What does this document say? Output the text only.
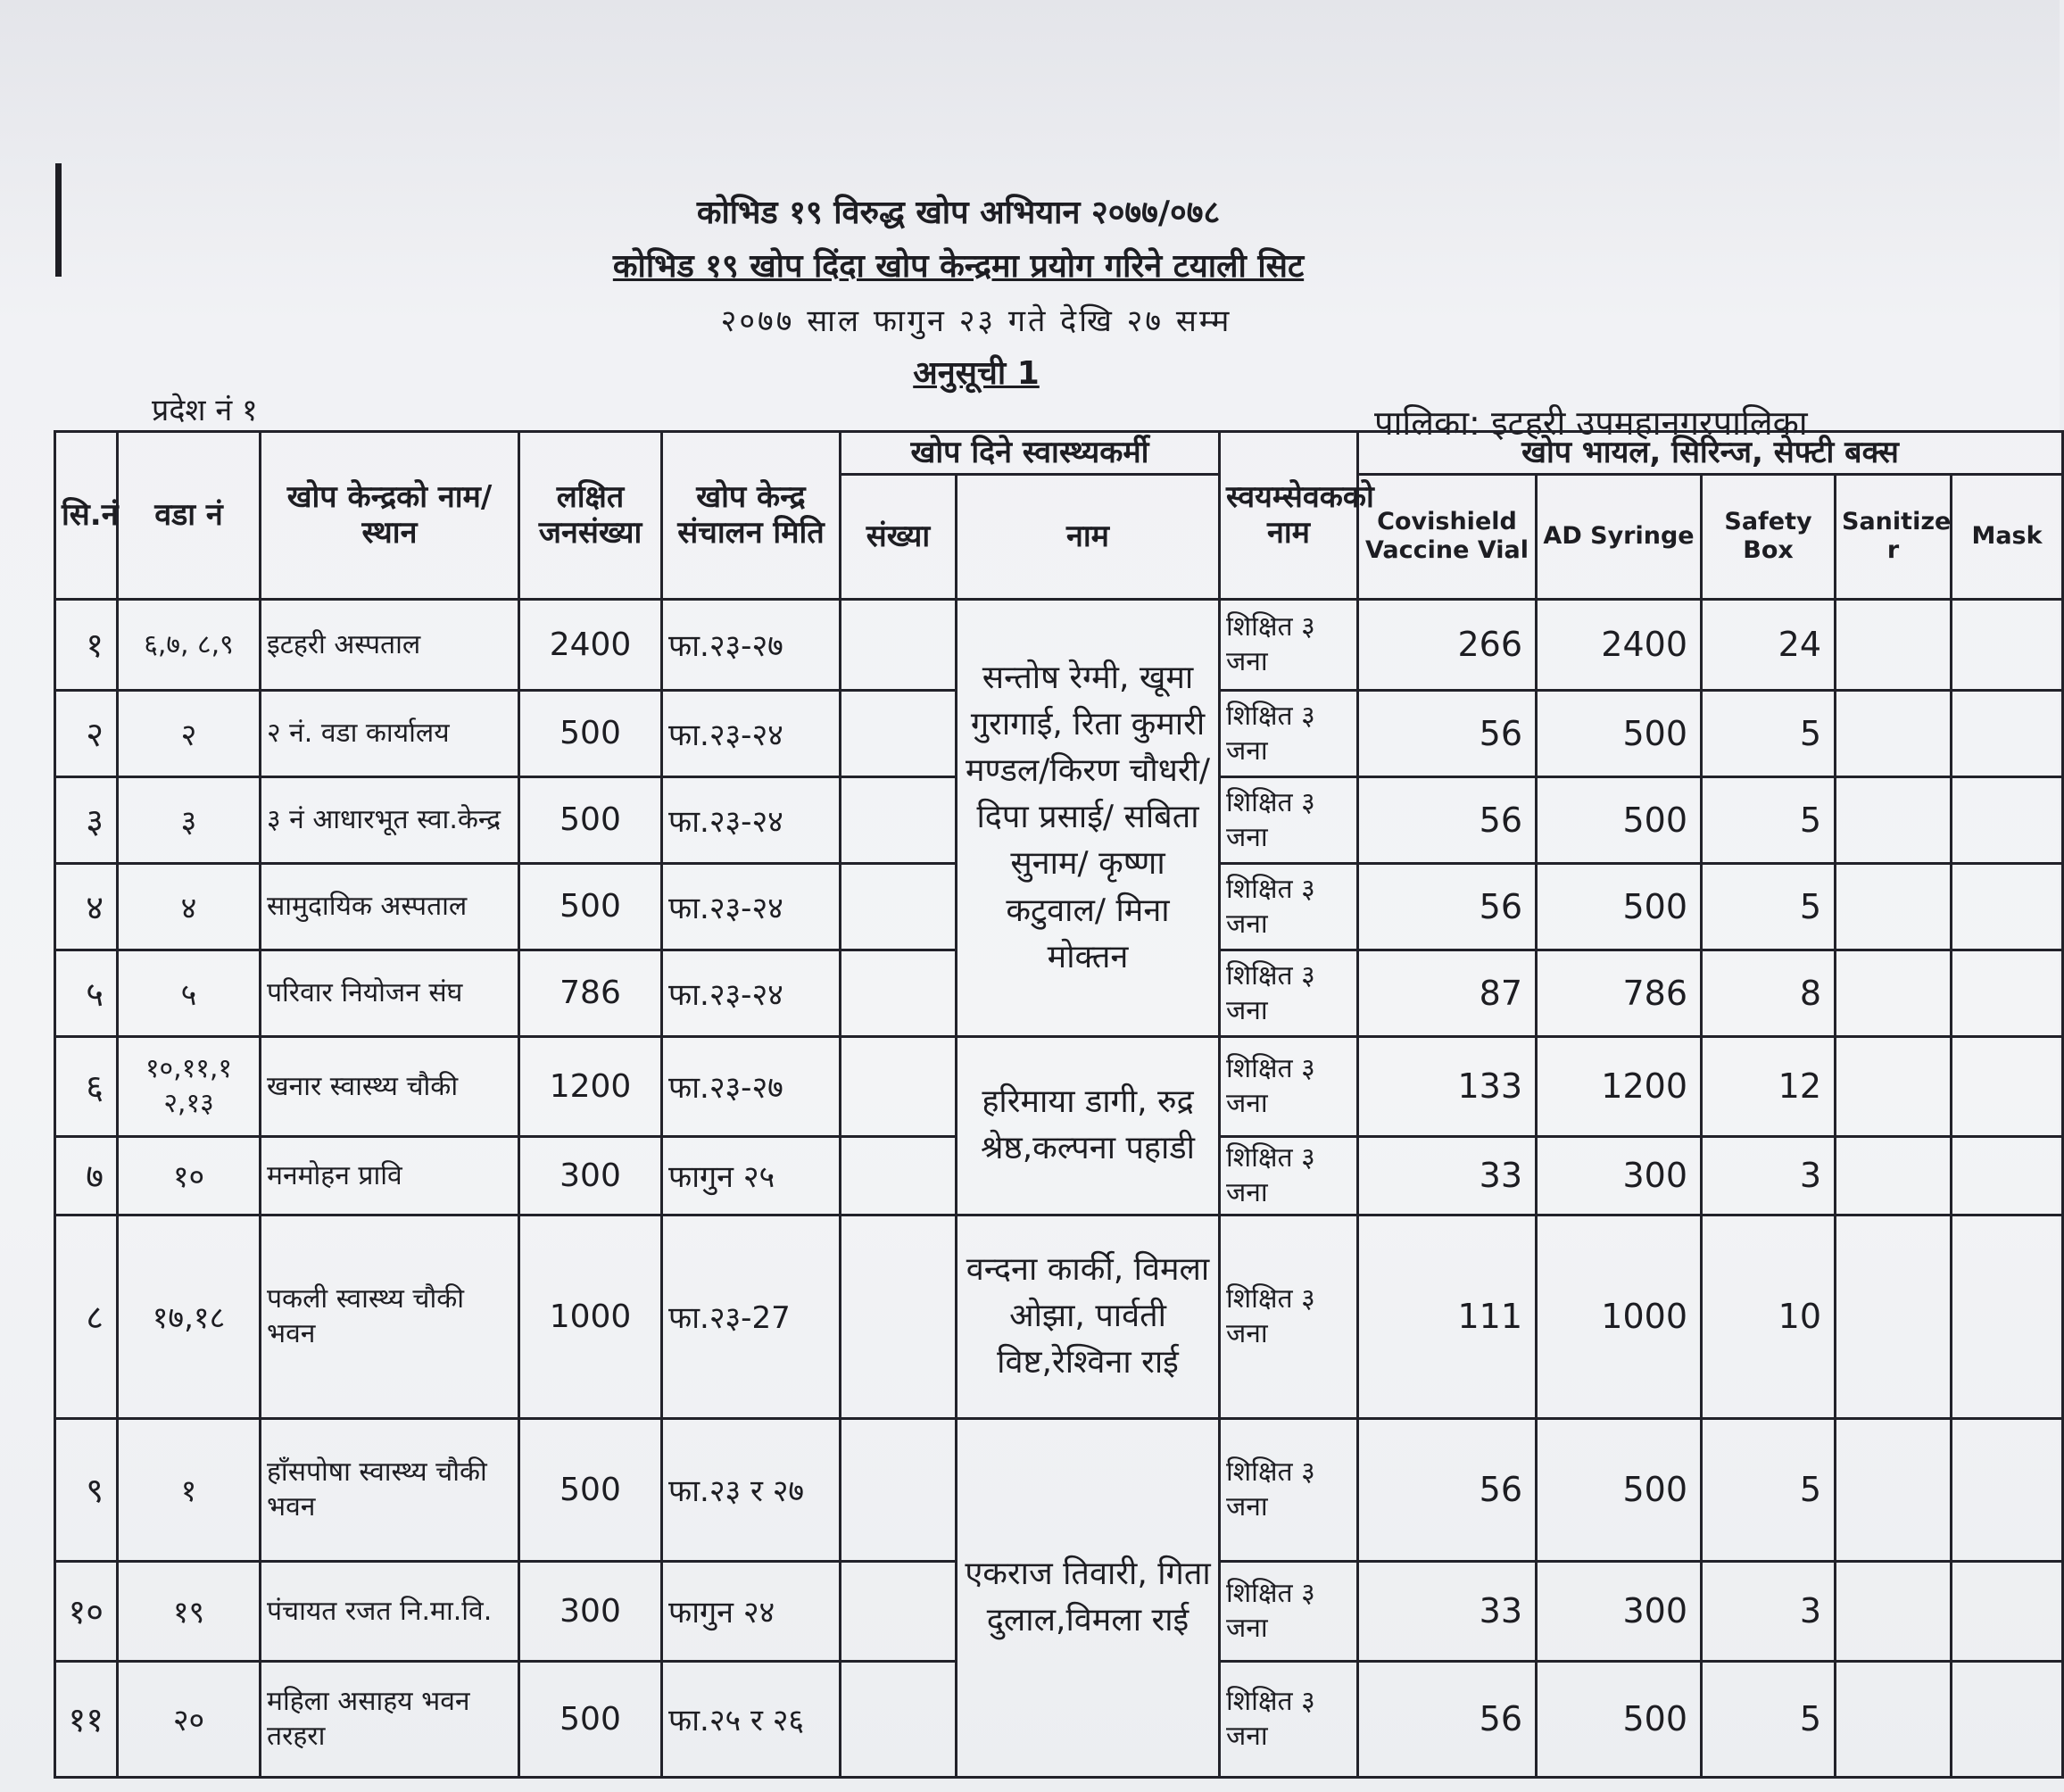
कोभिड १९ विरुद्ध खोप अभियान २०७७/०७८
कोभिड १९ खोप दिंदा खोप केन्द्रमा प्रयोग गरिने टयाली सिट
२०७७ साल फागुन २३ गते देखि २७ सम्म
अनुसूची 1
प्रदेश नं १	पालिका: इटहरी उपमहानगरपालिका
सि.नं	वडा नं	खोप केन्द्रको नाम/स्थान	लक्षित जनसंख्या	खोप केन्द्र संचालन मिति	खोप दिने स्वास्थ्यकर्मी		स्वयम्सेवकको नाम	खोप भायल, सिरिन्ज, सेफ्टी बक्स				
					संख्या	नाम		Covishield Vaccine Vial	AD Syringe	Safety Box	Sanitize r	Mask
१	६,७, ८,९	इटहरी अस्पताल	2400	फा.२३-२७		सन्तोष रेग्मी, खूमा गुरागाई, रिता कुमारी मण्डल/किरण चौधरी/दिपा प्रसाई/ सबिता सुनाम/ कृष्णा कटुवाल/ मिना मोक्तन	शिक्षित ३ जना	266	2400	24		
२	२	२ नं. वडा कार्यालय	500	फा.२३-२४			शिक्षित ३ जना	56	500	5		
३	३	३ नं आधारभूत स्वा.केन्द्र	500	फा.२३-२४			शिक्षित ३ जना	56	500	5		
४	४	सामुदायिक अस्पताल	500	फा.२३-२४			शिक्षित ३ जना	56	500	5		
५	५	परिवार नियोजन संघ	786	फा.२३-२४			शिक्षित ३ जना	87	786	8		
६	१०,११,१ २,१३	खनार स्वास्थ्य चौकी	1200	फा.२३-२७		हरिमाया डागी, रुद्र श्रेष्ठ,कल्पना पहाडी	शिक्षित ३ जना	133	1200	12		
७	१०	मनमोहन प्रावि	300	फागुन २५			शिक्षित ३ जना	33	300	3		
८	१७,१८	पकली स्वास्थ्य चौकी भवन	1000	फा.२३-27		वन्दना कार्की, विमला ओझा, पार्वती विष्ट,रेश्विना राई	शिक्षित ३ जना	111	1000	10		
९	१	हाँसपोषा स्वास्थ्य चौकी भवन	500	फा.२३ र २७		एकराज तिवारी, गिता दुलाल,विमला राई	शिक्षित ३ जना	56	500	5		
१०	१९	पंचायत रजत नि.मा.वि.	300	फागुन २४			शिक्षित ३ जना	33	300	3		
११	२०	महिला असाहय भवन तरहरा	500	फा.२५ र २६			शिक्षित ३ जना	56	500	5		
